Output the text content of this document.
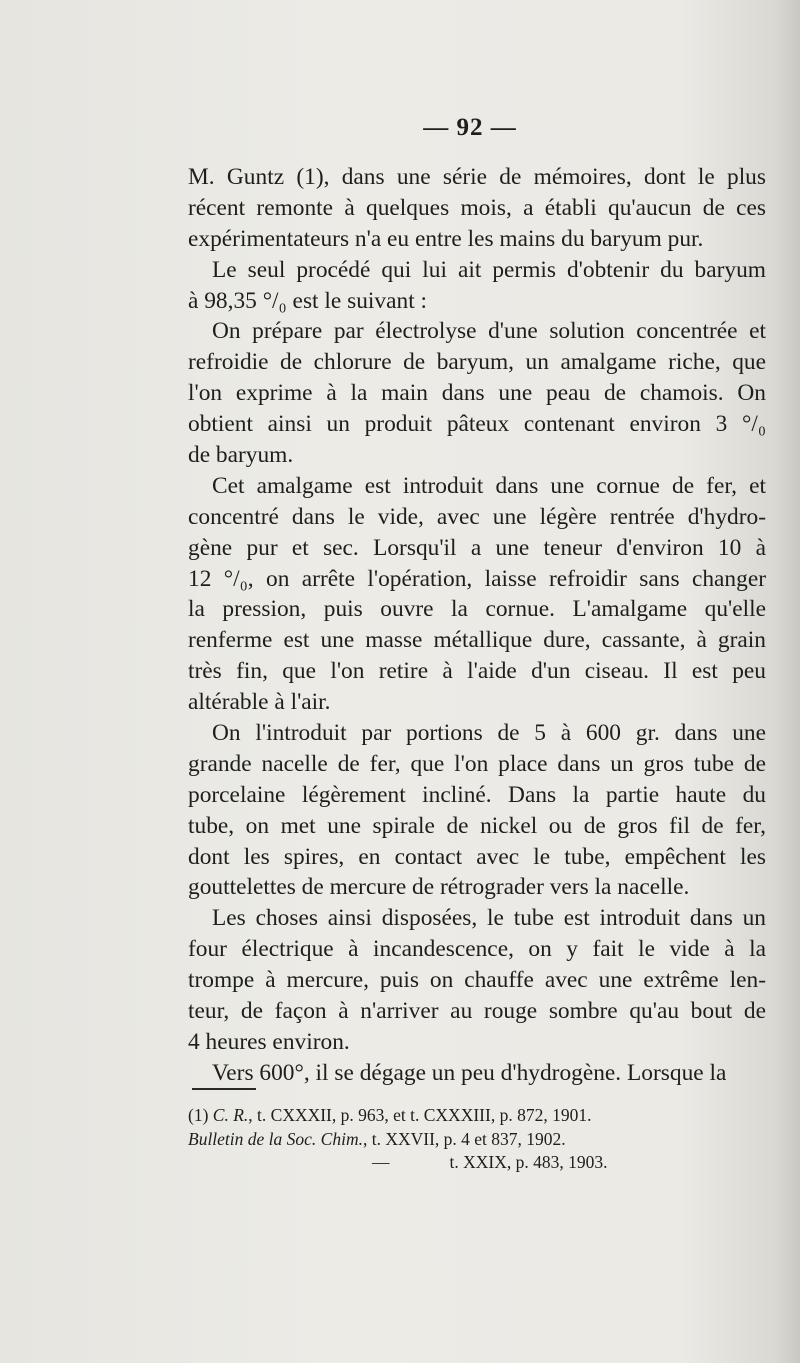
— 92 —
M. Guntz (1), dans une série de mémoires, dont le plus
récent remonte à quelques mois, a établi qu'aucun de ces
expérimentateurs n'a eu entre les mains du baryum pur.
Le seul procédé qui lui ait permis d'obtenir du baryum
à 98,35 °/₀ est le suivant :
On prépare par électrolyse d'une solution concentrée et
refroidie de chlorure de baryum, un amalgame riche, que
l'on exprime à la main dans une peau de chamois. On
obtient ainsi un produit pâteux contenant environ 3 °/₀
de baryum.
Cet amalgame est introduit dans une cornue de fer, et
concentré dans le vide, avec une légère rentrée d'hydro-
gène pur et sec. Lorsqu'il a une teneur d'environ 10 à
12 °/₀, on arrête l'opération, laisse refroidir sans changer
la pression, puis ouvre la cornue. L'amalgame qu'elle
renferme est une masse métallique dure, cassante, à grain
très fin, que l'on retire à l'aide d'un ciseau. Il est peu
altérable à l'air.
On l'introduit par portions de 5 à 600 gr. dans une
grande nacelle de fer, que l'on place dans un gros tube de
porcelaine légèrement incliné. Dans la partie haute du
tube, on met une spirale de nickel ou de gros fil de fer,
dont les spires, en contact avec le tube, empêchent les
gouttelettes de mercure de rétrograder vers la nacelle.
Les choses ainsi disposées, le tube est introduit dans un
four électrique à incandescence, on y fait le vide à la
trompe à mercure, puis on chauffe avec une extrême len-
teur, de façon à n'arriver au rouge sombre qu'au bout de
4 heures environ.
Vers 600°, il se dégage un peu d'hydrogène. Lorsque la
(1) C. R., t. CXXXII, p. 963, et t. CXXXIII, p. 872, 1901.
Bulletin de la Soc. Chim., t. XXVII, p. 4 et 837, 1902.
—	t. XXIX, p. 483, 1903.
